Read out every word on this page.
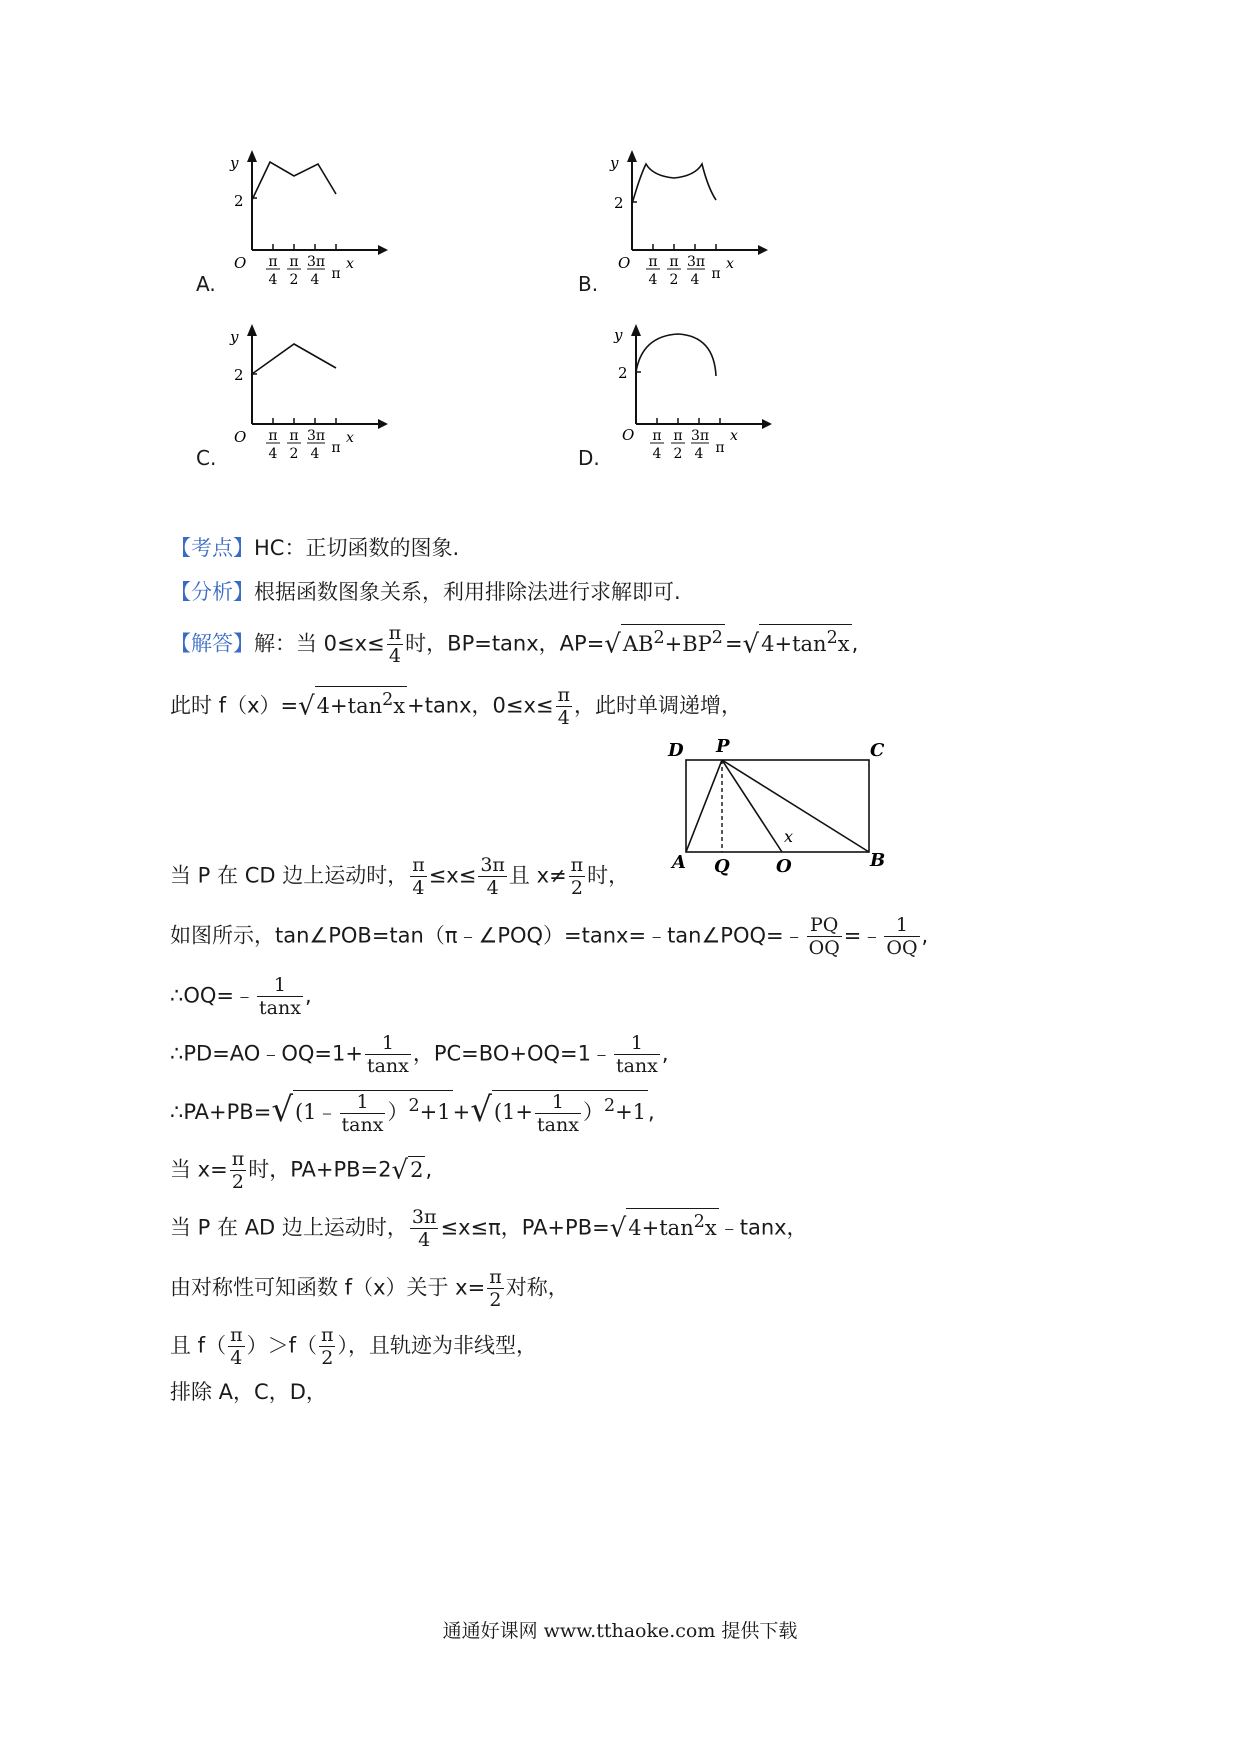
A.
y
2
O	x
π
4
π
2
3π
4 π	B.
y
2
O	x
π
4
π
2
3π
4 π
C.
y
2
O	x
π
4
π
2
3π
4 π	D.
y
2
O	x
π
4
π
2
3π
4 π
【考点】HC：正切函数的图象.
【分析】根据函数图象关系，利用排除法进行求解即可.
【解答】解：当 $0\le x\le \frac{\pi}{4}$ 时，BP=tanx，$AP=√AB^2+BP^2=√4+\tan^2x$,
此时 $f(x)=√4+\tan^2x+\tan x$，$0\le x\le \frac{\pi}{4}$ ，此时单调递增，
D P	C
A Q	O	B
x
当 P 在 CD 边上运动时， $\frac{\pi}{4} \le x\le \frac{3\pi}{4}$ 且 $x\ne \frac{\pi}{2}$ 时，
如图所示，tan∠POB=tan（π﹣∠POQ）=tanx=﹣tan∠POQ=﹣ $\frac{PQ}{OQ}$ =﹣ $\frac{1}{OQ}$ ,
∴OQ=﹣ $\frac{1}{\tan x}$ ,
∴PD=AO﹣OQ=1+ $\frac{1}{\tan x}$ ，PC=BO+OQ=1﹣ $\frac{1}{\tan x}$ ,
∴PA+PB=√(1﹣ $\frac{1}{\tan x} )^2+1+√(1+ \frac{1}{\tan x} )^2+1$,
当 $x= \frac{\pi}{2}$ 时，PA+PB=2√2,
当 P 在 AD 边上运动时， $\frac{3\pi}{4} \le x\le\pi$，$PA+PB=√4+\tan^2x﹣\tan x$，
由对称性可知函数 f（x）关于 $x= \frac{\pi}{2}$ 对称，
且 $f( \frac{\pi}{4} )>f( \frac{\pi}{2}$ ），且轨迹为非线型，
排除 A，C，D，
通通好课网 www.tthaoke.com 提供下载
